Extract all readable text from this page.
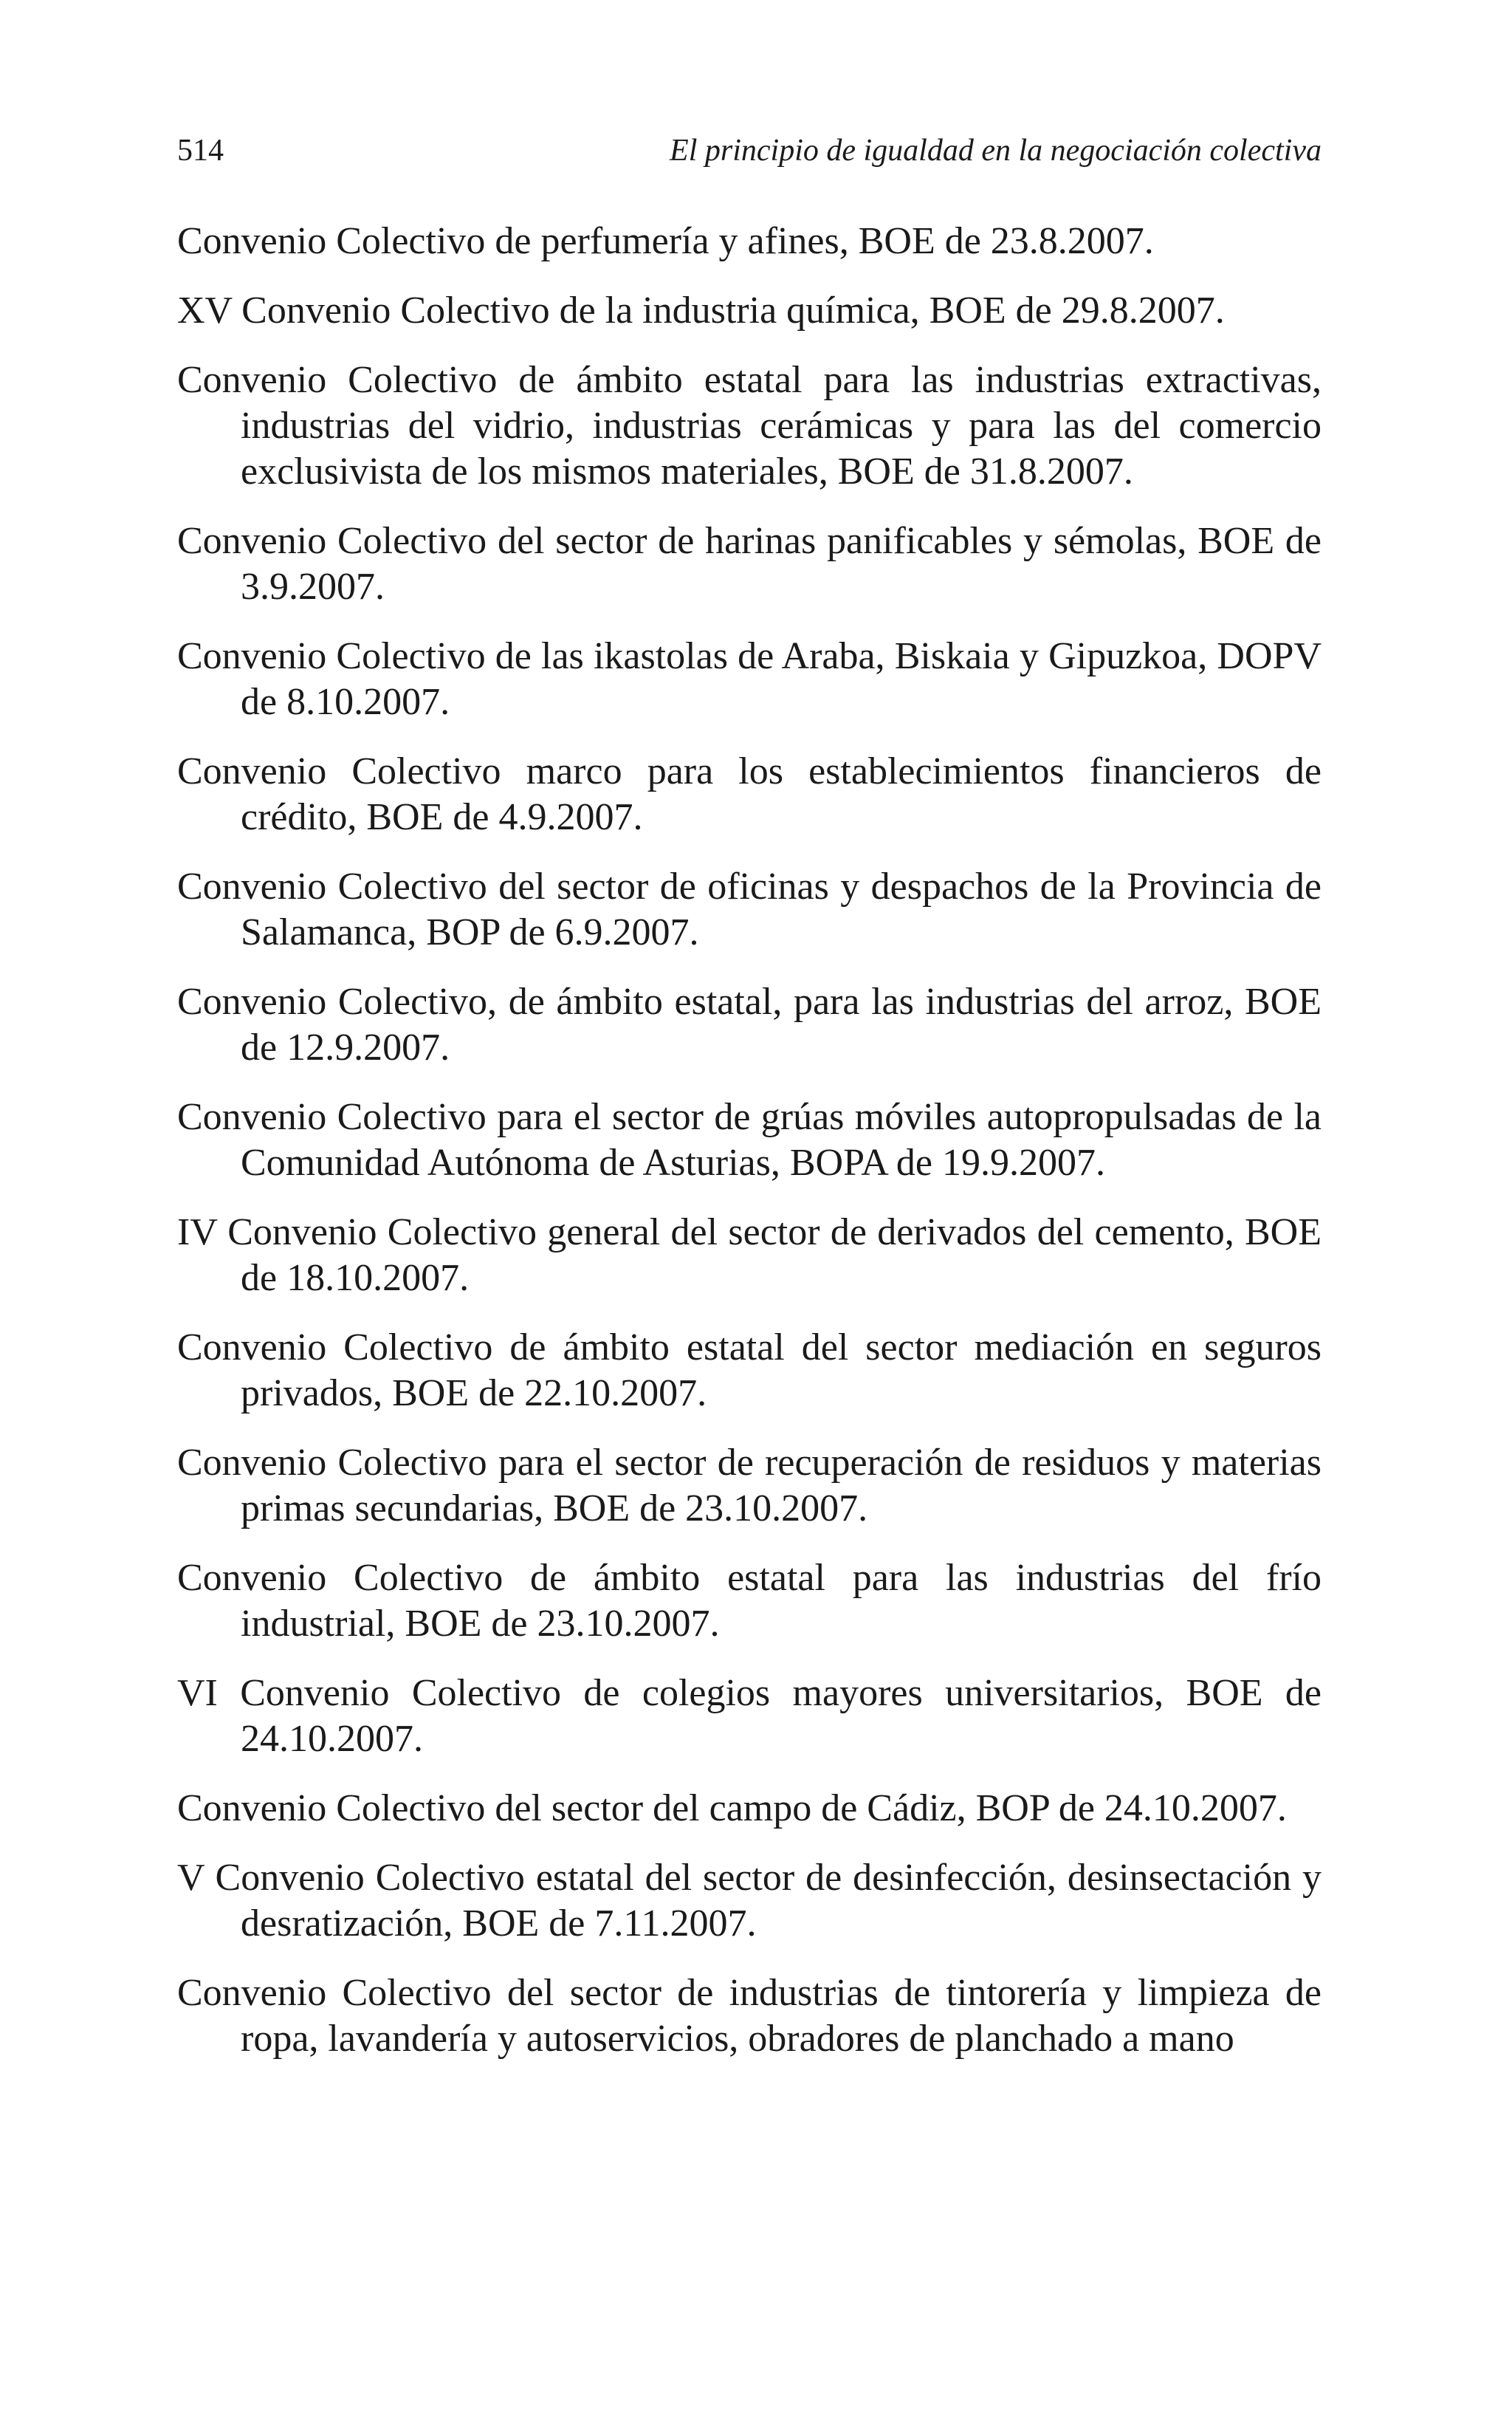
514	El principio de igualdad en la negociación colectiva
Convenio Colectivo de perfumería y afines, BOE de 23.8.2007.
XV Convenio Colectivo de la industria química, BOE de 29.8.2007.
Convenio Colectivo de ámbito estatal para las industrias extractivas, industrias del vidrio, industrias cerámicas y para las del comercio exclusivista de los mismos materiales, BOE de 31.8.2007.
Convenio Colectivo del sector de harinas panificables y sémolas, BOE de 3.9.2007.
Convenio Colectivo de las ikastolas de Araba, Biskaia y Gipuzkoa, DOPV de 8.10.2007.
Convenio Colectivo marco para los establecimientos financieros de crédito, BOE de 4.9.2007.
Convenio Colectivo del sector de oficinas y despachos de la Provincia de Salamanca, BOP de 6.9.2007.
Convenio Colectivo, de ámbito estatal, para las industrias del arroz, BOE de 12.9.2007.
Convenio Colectivo para el sector de grúas móviles autopropulsadas de la Comunidad Autónoma de Asturias, BOPA de 19.9.2007.
IV Convenio Colectivo general del sector de derivados del cemento, BOE de 18.10.2007.
Convenio Colectivo de ámbito estatal del sector mediación en seguros privados, BOE de 22.10.2007.
Convenio Colectivo para el sector de recuperación de residuos y materias primas secundarias, BOE de 23.10.2007.
Convenio Colectivo de ámbito estatal para las industrias del frío industrial, BOE de 23.10.2007.
VI Convenio Colectivo de colegios mayores universitarios, BOE de 24.10.2007.
Convenio Colectivo del sector del campo de Cádiz, BOP de 24.10.2007.
V Convenio Colectivo estatal del sector de desinfección, desinsectación y desratización, BOE de 7.11.2007.
Convenio Colectivo del sector de industrias de tintorería y limpieza de ropa, lavandería y autoservicios, obradores de planchado a mano
